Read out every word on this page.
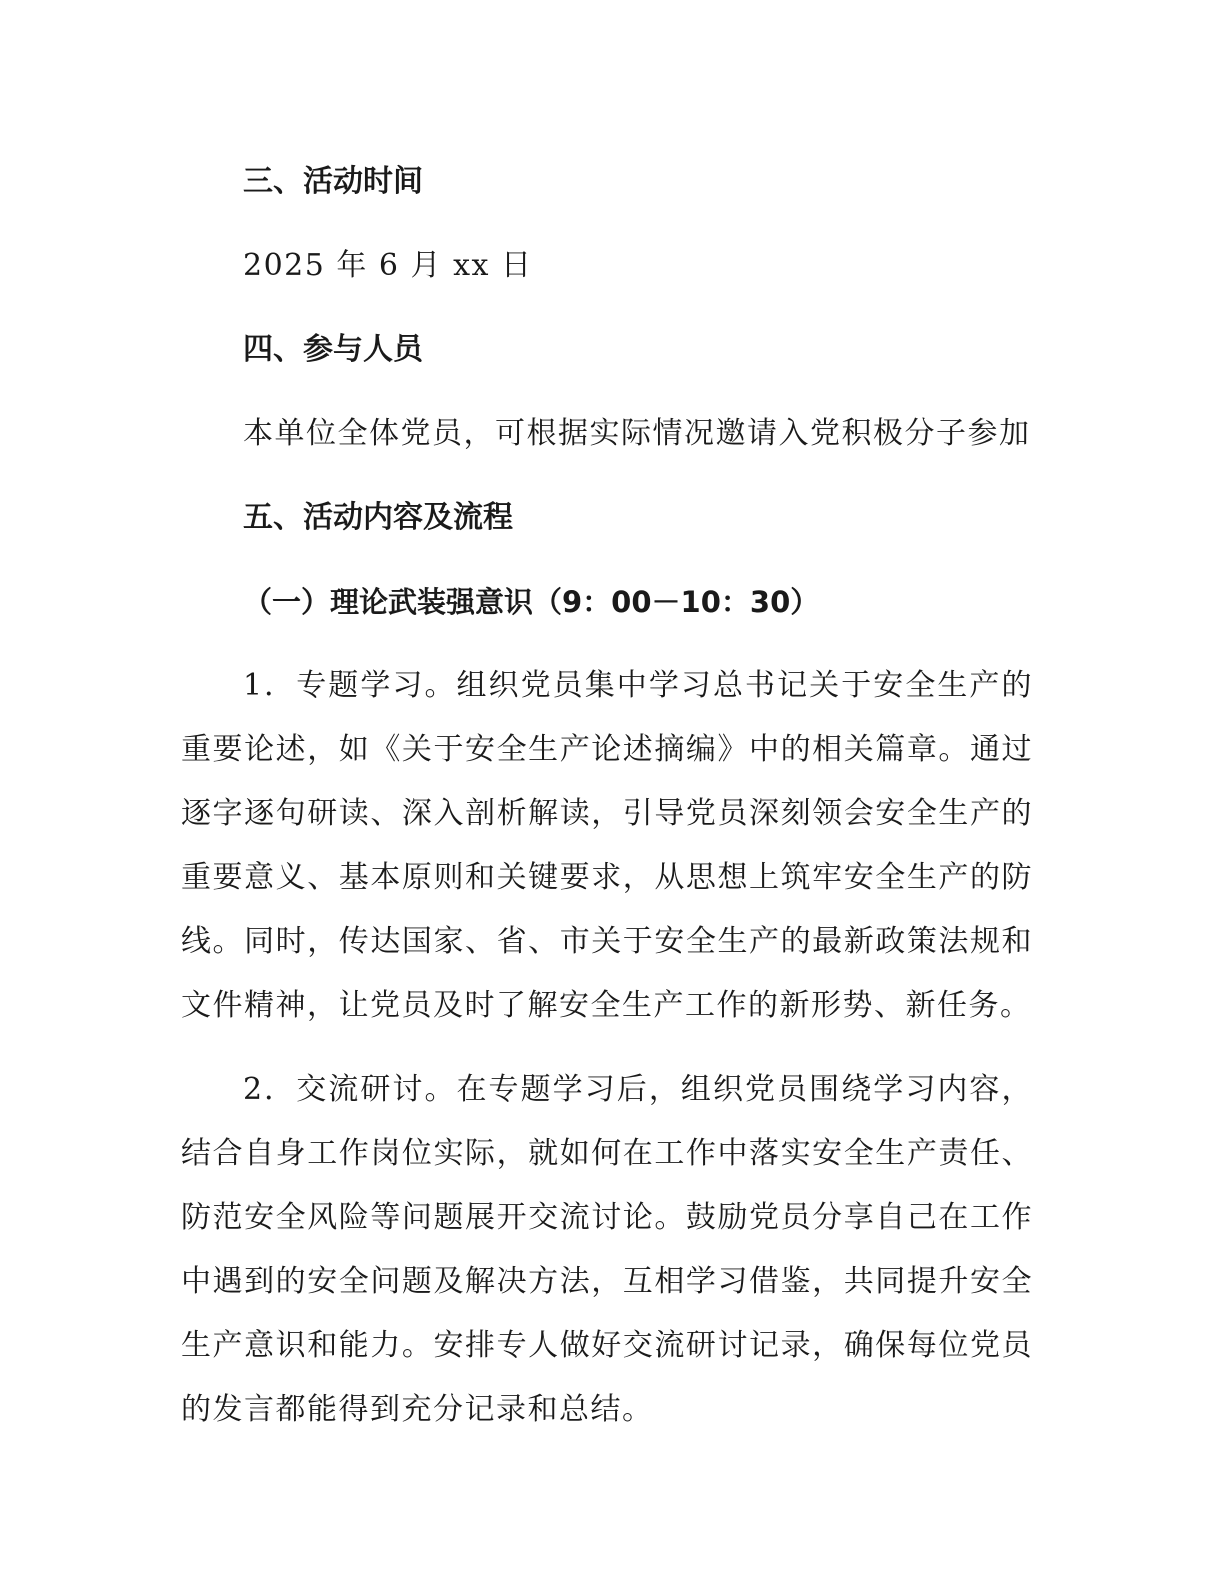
三、活动时间
2025 年 6 月 xx 日
四、参与人员
本单位全体党员，可根据实际情况邀请入党积极分子参加
五、活动内容及流程
（一）理论武装强意识（9：00－10：30）

1．专题学习。组织党员集中学习总书记关于安全生产的重要论述，如《关于安全生产论述摘编》中的相关篇章。通过逐字逐句研读、深入剖析解读，引导党员深刻领会安全生产的重要意义、基本原则和关键要求，从思想上筑牢安全生产的防线。同时，传达国家、省、市关于安全生产的最新政策法规和文件精神，让党员及时了解安全生产工作的新形势、新任务。

2．交流研讨。在专题学习后，组织党员围绕学习内容，结合自身工作岗位实际，就如何在工作中落实安全生产责任、防范安全风险等问题展开交流讨论。鼓励党员分享自己在工作中遇到的安全问题及解决方法，互相学习借鉴，共同提升安全生产意识和能力。安排专人做好交流研讨记录，确保每位党员的发言都能得到充分记录和总结。
